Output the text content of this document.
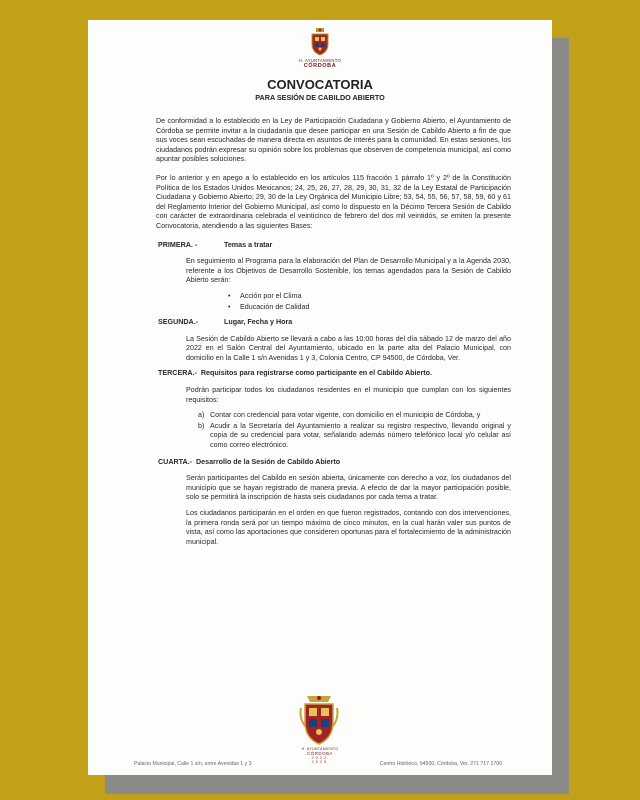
H. AYUNTAMIENTO
CÓRDOBA
CONVOCATORIA
PARA SESIÓN DE CABILDO ABIERTO

De conformidad a lo establecido en la Ley de Participación Ciudadana y Gobierno Abierto, el Ayuntamiento de Córdoba se permite invitar a la ciudadanía que desee participar en una Sesión de Cabildo Abierto a fin de que sus voces sean escuchadas de manera directa en asuntos de interés para la comunidad. En estas sesiones, los ciudadanos podrán expresar su opinión sobre los problemas que observen de competencia municipal, así como apuntar posibles soluciones.

Por lo anterior y en apego a lo establecido en los artículos 115 fracción 1 párrafo 1º y 2º de la Constitución Política de los Estados Unidos Mexicanos; 24, 25, 26, 27, 28, 29, 30, 31, 32 de la Ley Estatal de Participación Ciudadana y Gobierno Abierto; 29, 30 de la Ley Orgánica del Municipio Libre; 53, 54, 55, 56, 57, 58, 59, 60 y 61 del Reglamento Interior del Gobierno Municipal, así como lo dispuesto en la Décimo Tercera Sesión de Cabildo con carácter de extraordinaria celebrada el veinticinco de febrero del dos mil veintidós, se emiten la presente Convocatoria, atendiendo a las siguientes Bases:

PRIMERA. -	Temas a tratar

En seguimiento al Programa para la elaboración del Plan de Desarrollo Municipal y a la Agenda 2030, referente a los Objetivos de Desarrollo Sostenible, los temas agendados para la Sesión de Cabildo Abierto serán:

• Acción por el Clima
• Educación de Calidad
SEGUNDA.-	Lugar, Fecha y Hora

La Sesión de Cabildo Abierto se llevará a cabo a las 10:00 horas del día sábado 12 de marzo del año 2022 en el Salón Central del Ayuntamiento, ubicado en la parte alta del Palacio Municipal, con domicilio en la Calle 1 s/n Avenidas 1 y 3, Colonia Centro, CP 94500, de Córdoba, Ver.

TERCERA.- Requisitos para registrarse como participante en el Cabildo Abierto.

Podrán participar todos los ciudadanos residentes en el municipio que cumplan con los siguientes requisitos:

a) Contar con credencial para votar vigente, con domicilio en el municipio de Córdoba, y
b) Acudir a la Secretaría del Ayuntamiento a realizar su registro respectivo, llevando original y copia de su credencial para votar, señalando además número telefónico local y/o celular así como correo electrónico.
CUARTA.- Desarrollo de la Sesión de Cabildo Abierto

Serán participantes del Cabildo en sesión abierta, únicamente con derecho a voz, los ciudadanos del municipio que se hayan registrado de manera previa. A efecto de dar la mayor participación posible, solo se permitirá la inscripción de hasta seis ciudadanos por cada tema a tratar.

Los ciudadanos participarán en el orden en que fueron registrados, contando con dos intervenciones, la primera ronda será por un tiempo máximo de cinco minutos, en la cual harán valer sus puntos de vista, así como las aportaciones que consideren oportunas para el fortalecimiento de la administración municipal.

H. AYUNTAMIENTO
CÓRDOBA
2022
2025
Palacio Municipal, Calle 1 s/n, entre Avenidas 1 y 3	Centro Histórico, 94500, Córdoba, Ver. 271 717 1700
